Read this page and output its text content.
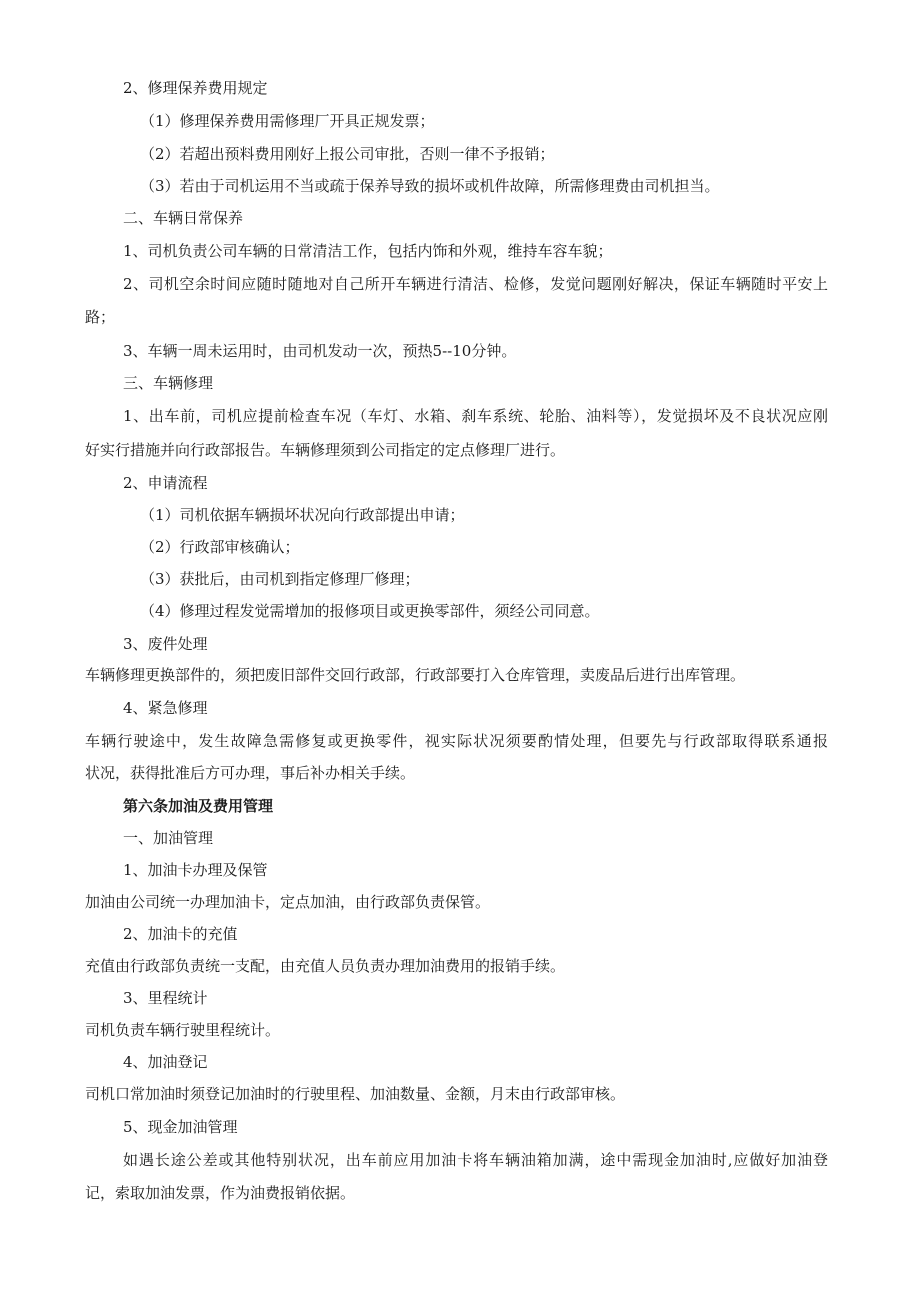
2、修理保养费用规定
（1）修理保养费用需修理厂开具正规发票；
（2）若超出预料费用刚好上报公司审批，否则一律不予报销；
（3）若由于司机运用不当或疏于保养导致的损坏或机件故障，所需修理费由司机担当。
二、车辆日常保养
1、司机负责公司车辆的日常清洁工作，包括内饰和外观，维持车容车貌；
2、司机空余时间应随时随地对自己所开车辆进行清洁、检修，发觉问题刚好解决，保证车辆随时平安上
路；
3、车辆一周未运用时，由司机发动一次，预热5--10分钟。
三、车辆修理
1、出车前，司机应提前检查车况（车灯、水箱、刹车系统、轮胎、油料等），发觉损坏及不良状况应刚
好实行措施并向行政部报告。车辆修理须到公司指定的定点修理厂进行。
2、申请流程
（1）司机依据车辆损坏状况向行政部提出申请；
（2）行政部审核确认；
（3）获批后，由司机到指定修理厂修理；
（4）修理过程发觉需增加的报修项目或更换零部件，须经公司同意。
3、废件处理
车辆修理更换部件的，须把废旧部件交回行政部，行政部要打入仓库管理，卖废品后进行出库管理。
4、紧急修理
车辆行驶途中，发生故障急需修复或更换零件，视实际状况须要酌情处理，但要先与行政部取得联系通报
状况，获得批准后方可办理，事后补办相关手续。
第六条加油及费用管理
一、加油管理
1、加油卡办理及保管
加油由公司统一办理加油卡，定点加油，由行政部负责保管。
2、加油卡的充值
充值由行政部负责统一支配，由充值人员负责办理加油费用的报销手续。
3、里程统计
司机负责车辆行驶里程统计。
4、加油登记
司机口常加油时须登记加油时的行驶里程、加油数量、金额，月末由行政部审核。
5、现金加油管理
如遇长途公差或其他特别状况，出车前应用加油卡将车辆油箱加满，途中需现金加油时,应做好加油登
记，索取加油发票，作为油费报销依据。
